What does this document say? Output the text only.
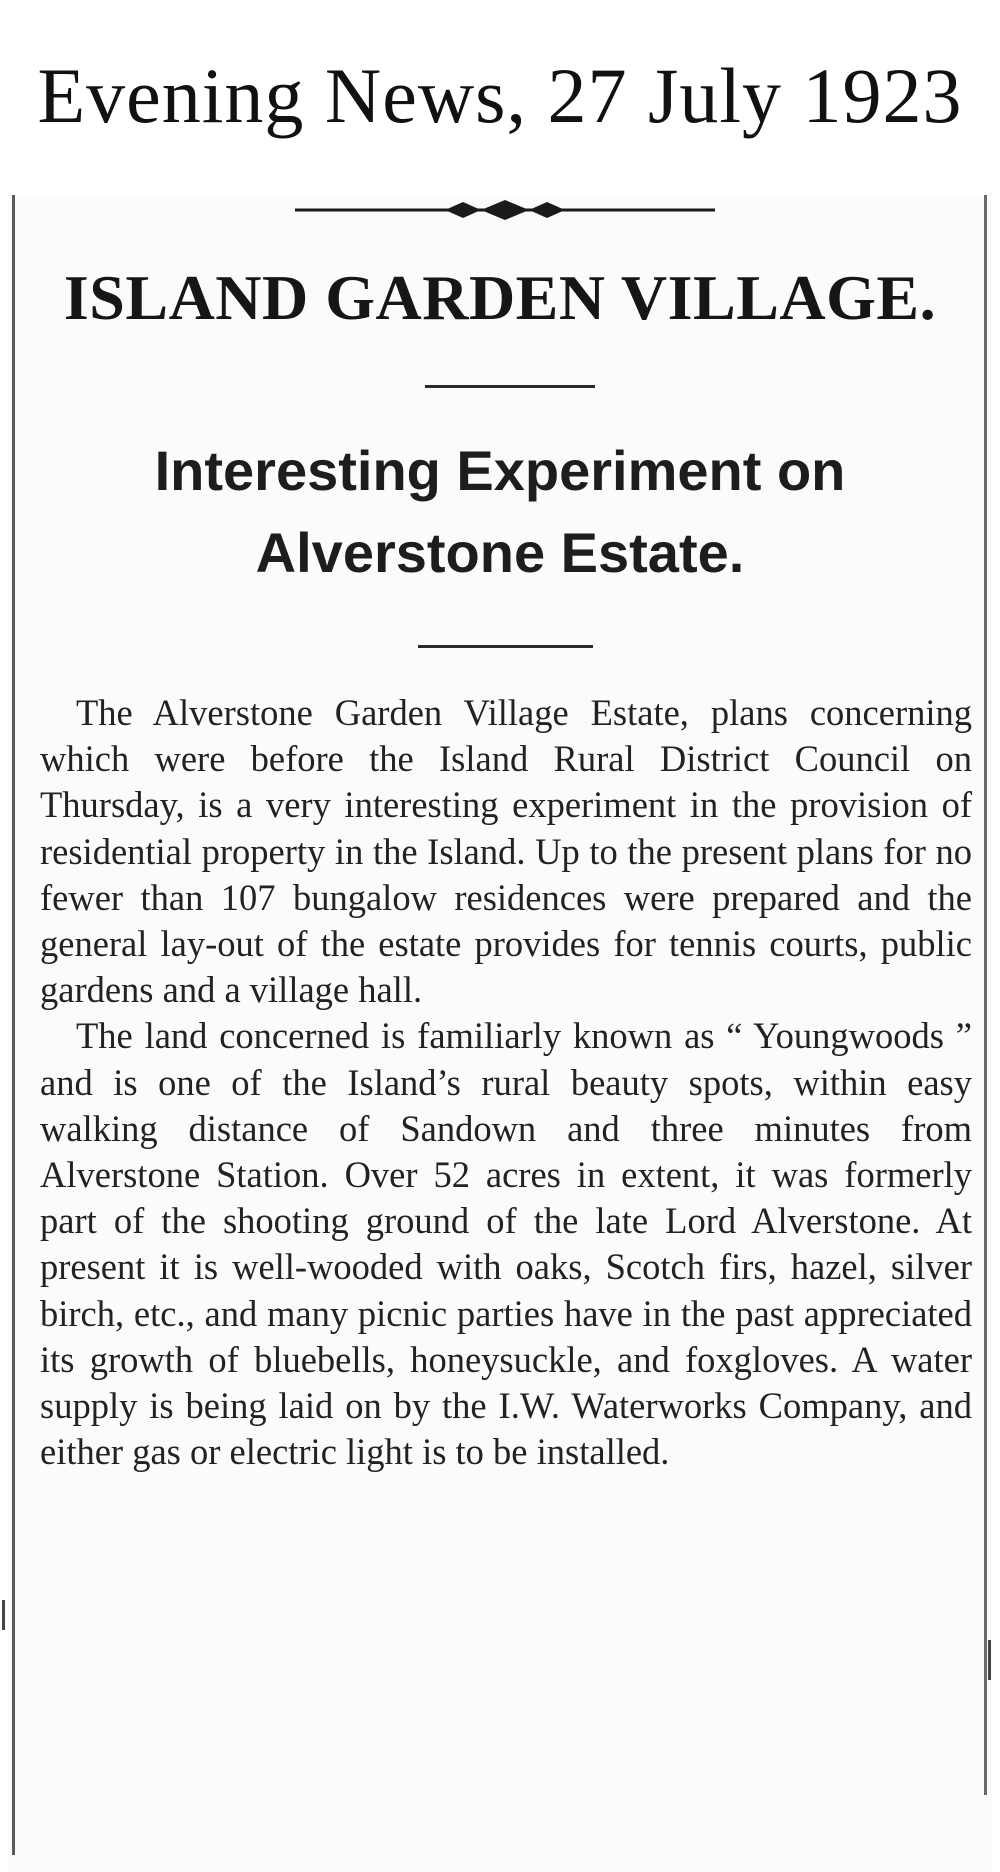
Evening News, 27 July 1923
ISLAND GARDEN VILLAGE.
Interesting Experiment on
Alverstone Estate.

The Alverstone Garden Village Estate, plans concerning which were before the Island Rural District Council on Thursday, is a very interesting experiment in the provision of residential property in the Island. Up to the present plans for no fewer than 107 bungalow residences were prepared and the general lay-out of the estate provides for tennis courts, public gardens and a village hall.

The land concerned is familiarly known as “ Youngwoods ” and is one of the Island’s rural beauty spots, within easy walking distance of Sandown and three minutes from Alverstone Station. Over 52 acres in extent, it was formerly part of the shooting ground of the late Lord Alverstone. At present it is well-wooded with oaks, Scotch firs, hazel, silver birch, etc., and many picnic parties have in the past appreciated its growth of bluebells, honeysuckle, and foxgloves. A water supply is being laid on by the I.W. Waterworks Company, and either gas or electric light is to be installed.
